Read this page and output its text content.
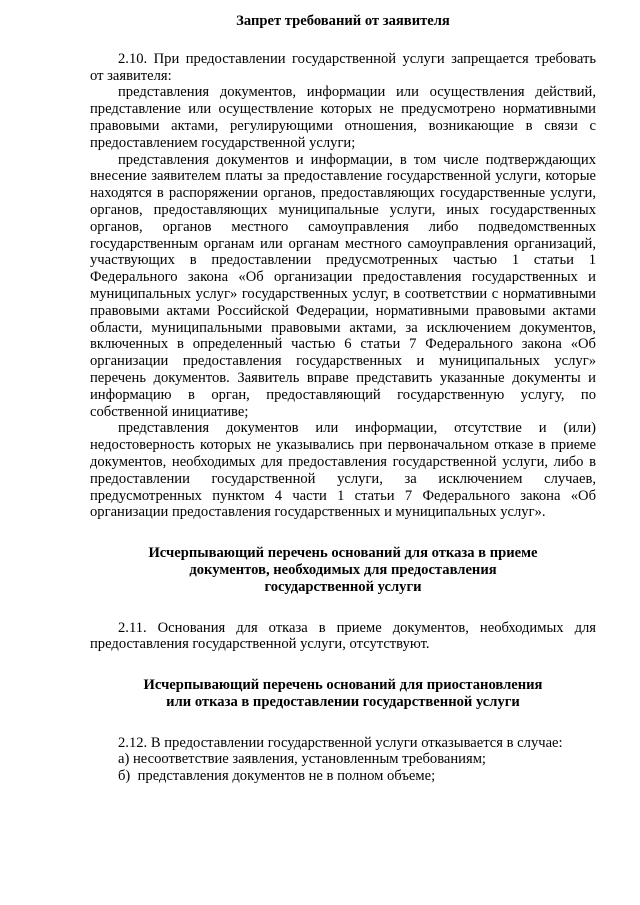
Запрет требований от заявителя

2.10. При предоставлении государственной услуги запрещается требовать от заявителя:

представления документов, информации или осуществления действий, представление или осуществление которых не предусмотрено нормативными правовыми актами, регулирующими отношения, возникающие в связи с предоставлением государственной услуги;

представления документов и информации, в том числе подтверждающих внесение заявителем платы за предоставление государственной услуги, которые находятся в распоряжении органов, предоставляющих государственные услуги, органов, предоставляющих муниципальные услуги, иных государственных органов, органов местного самоуправления либо подведомственных государственным органам или органам местного самоуправления организаций, участвующих в предоставлении предусмотренных частью 1 статьи 1 Федерального закона «Об организации предоставления государственных и муниципальных услуг» государственных услуг, в соответствии с нормативными правовыми актами Российской Федерации, нормативными правовыми актами области, муниципальными правовыми актами, за исключением документов, включенных в определенный частью 6 статьи 7 Федерального закона «Об организации предоставления государственных и муниципальных услуг» перечень документов. Заявитель вправе представить указанные документы и информацию в орган, предоставляющий государственную услугу, по собственной инициативе;

представления документов или информации, отсутствие и (или) недостоверность которых не указывались при первоначальном отказе в приеме документов, необходимых для предоставления государственной услуги, либо в предоставлении государственной услуги, за исключением случаев, предусмотренных пунктом 4 части 1 статьи 7 Федерального закона «Об организации предоставления государственных и муниципальных услуг».

Исчерпывающий перечень оснований для отказа в приеме
документов, необходимых для предоставления
государственной услуги

2.11. Основания для отказа в приеме документов, необходимых для предоставления государственной услуги, отсутствуют.

Исчерпывающий перечень оснований для приостановления
или отказа в предоставлении государственной услуги

2.12. В предоставлении государственной услуги отказывается в случае:

а) несоответствие заявления, установленным требованиям;

б)  представления документов не в полном объеме;
